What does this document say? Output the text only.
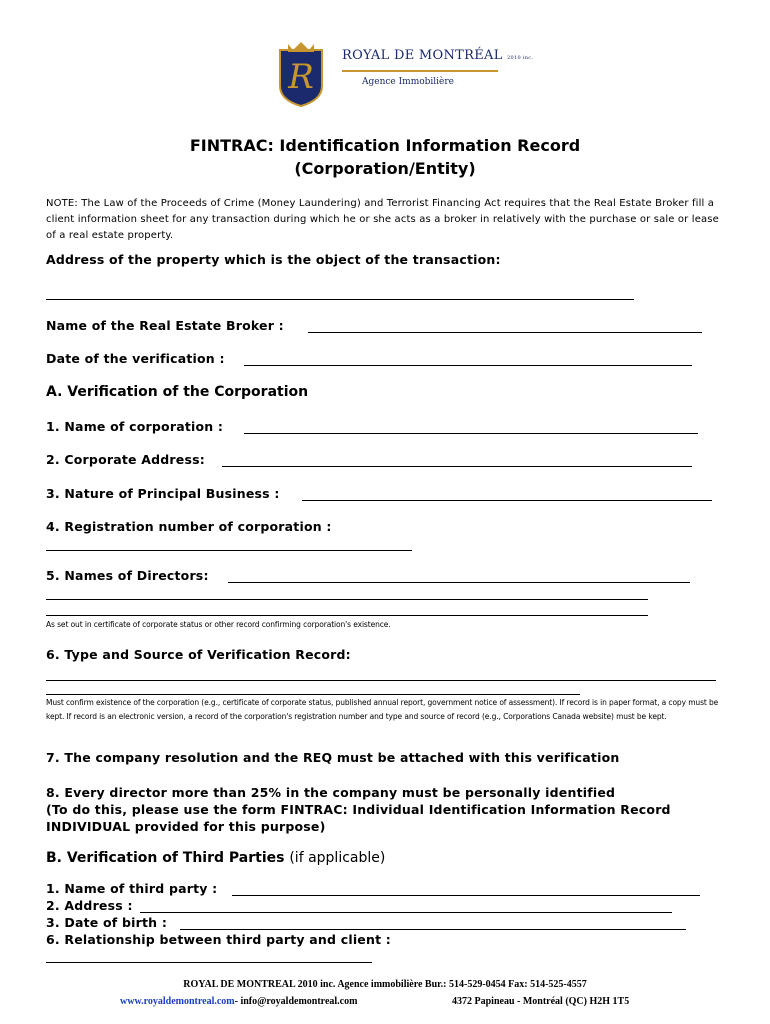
R
ROYAL DE MONTRÉAL 2010 inc.
Agence Immobilière
FINTRAC: Identification Information Record
(Corporation/Entity)
NOTE: The Law of the Proceeds of Crime (Money Laundering) and Terrorist Financing Act requires that the Real Estate Broker fill a client information sheet for any transaction during which he or she acts as a broker in relatively with the purchase or sale or lease of a real estate property.
Address of the property which is the object of the transaction:
Name of the Real Estate Broker :
Date of the verification :
A. Verification of the Corporation
1. Name of corporation :
2. Corporate Address:
3. Nature of Principal Business :
4. Registration number of corporation :
5. Names of Directors:
As set out in certificate of corporate status or other record confirming corporation's existence.
6. Type and Source of Verification Record:
Must confirm existence of the corporation (e.g., certificate of corporate status, published annual report, government notice of assessment). If record is in paper format, a copy must be kept. If record is an electronic version, a record of the corporation's registration number and type and source of record (e.g., Corporations Canada website) must be kept.
7. The company resolution and the REQ must be attached with this verification
8. Every director more than 25% in the company must be personally identified
(To do this, please use the form FINTRAC: Individual Identification Information Record
INDIVIDUAL provided for this purpose)
B. Verification of Third Parties (if applicable)
1. Name of third party :
2. Address :
3. Date of birth :
6. Relationship between third party and client :
ROYAL DE MONTREAL 2010 inc. Agence immobilière Bur.: 514-529-0454 Fax: 514-525-4557
www.royaldemontreal.com- info@royaldemontreal.com	4372 Papineau - Montréal (QC) H2H 1T5
